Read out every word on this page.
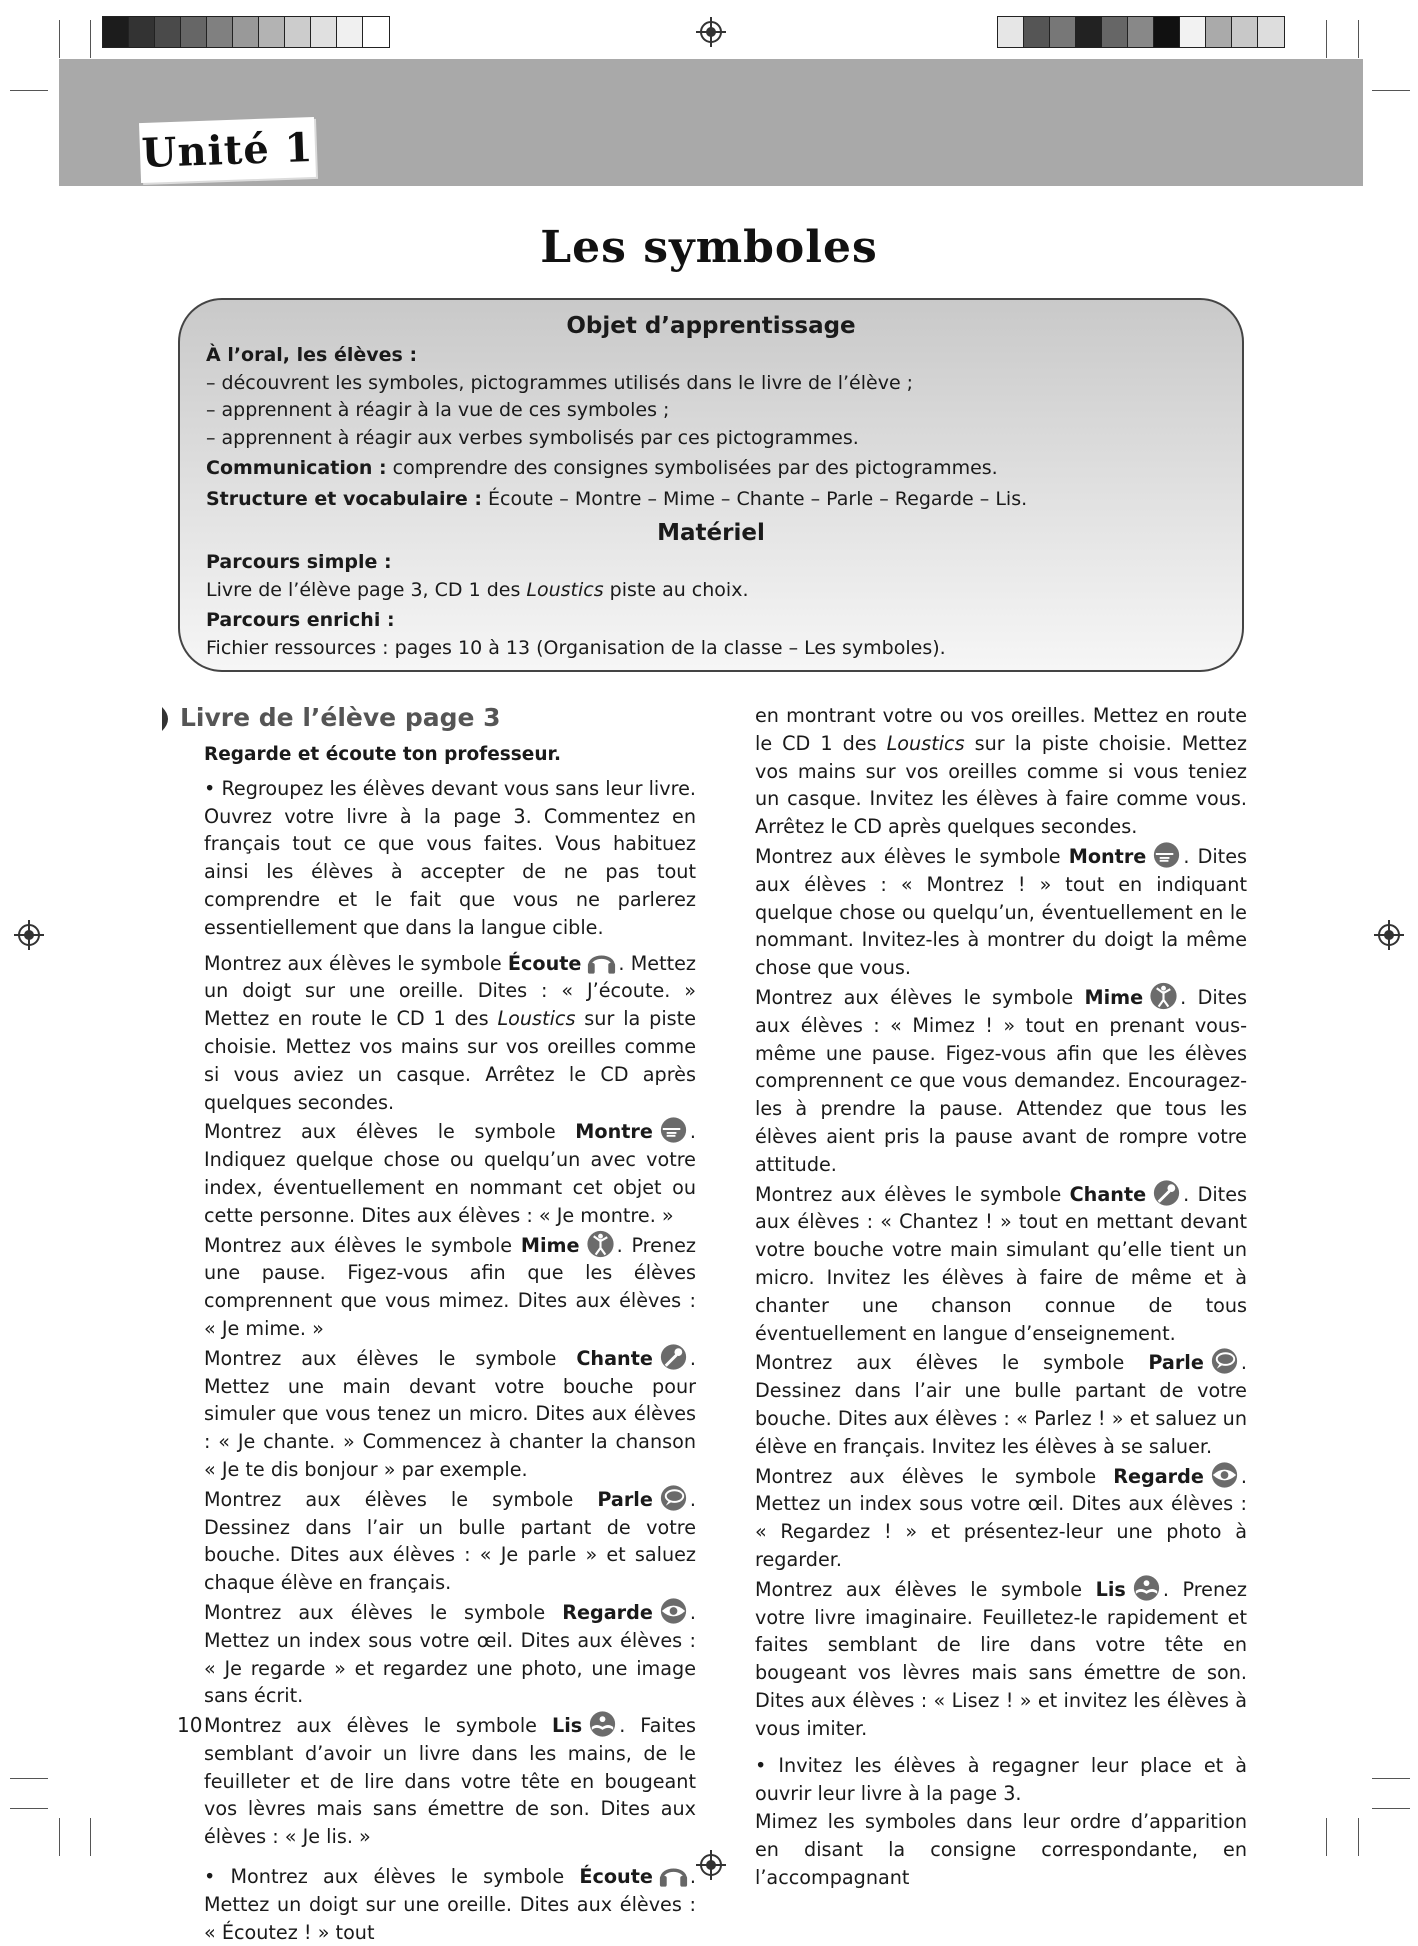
Unité 1
Les symboles
Objet d’apprentissage
À l’oral, les élèves :
– découvrent les symboles, pictogrammes utilisés dans le livre de l’élève ;
– apprennent à réagir à la vue de ces symboles ;
– apprennent à réagir aux verbes symbolisés par ces pictogrammes.
Communication : comprendre des consignes symbolisées par des pictogrammes.
Structure et vocabulaire : Écoute – Montre – Mime – Chante – Parle – Regarde – Lis.
Matériel
Parcours simple :
Livre de l’élève page 3, CD 1 des Loustics piste au choix.
Parcours enrichi :
Fichier ressources : pages 10 à 13 (Organisation de la classe – Les symboles).
Livre de l’élève page 3

Regarde et écoute ton professeur.

• Regroupez les élèves devant vous sans leur livre. Ouvrez votre livre à la page 3. Commentez en français tout ce que vous faites. Vous habituez ainsi les élèves à accepter de ne pas tout comprendre et le fait que vous ne parlerez essentiellement que dans la langue cible.

Montrez aux élèves le symbole Écoute . Mettez un doigt sur une oreille. Dites : « J’écoute. » Mettez en route le CD 1 des Loustics sur la piste choisie. Mettez vos mains sur vos oreilles comme si vous aviez un casque. Arrêtez le CD après quelques secondes.

Montrez aux élèves le symbole Montre . Indiquez quelque chose ou quelqu’un avec votre index, éventuellement en nommant cet objet ou cette personne. Dites aux élèves : « Je montre. »

Montrez aux élèves le symbole Mime . Prenez une pause. Figez-vous afin que les élèves comprennent que vous mimez. Dites aux élèves : « Je mime. »

Montrez aux élèves le symbole Chante . Mettez une main devant votre bouche pour simuler que vous tenez un micro. Dites aux élèves : « Je chante. » Commencez à chanter la chanson « Je te dis bonjour » par exemple.

Montrez aux élèves le symbole Parle . Dessinez dans l’air un bulle partant de votre bouche. Dites aux élèves : « Je parle » et saluez chaque élève en français.

Montrez aux élèves le symbole Regarde . Mettez un index sous votre œil. Dites aux élèves : « Je regarde » et regardez une photo, une image sans écrit.

Montrez aux élèves le symbole Lis . Faites semblant d’avoir un livre dans les mains, de le feuilleter et de lire dans votre tête en bougeant vos lèvres mais sans émettre de son. Dites aux élèves : « Je lis. »

• Montrez aux élèves le symbole Écoute . Mettez un doigt sur une oreille. Dites aux élèves : « Écoutez ! » tout

en montrant votre ou vos oreilles. Mettez en route le CD 1 des Loustics sur la piste choisie. Mettez vos mains sur vos oreilles comme si vous teniez un casque. Invitez les élèves à faire comme vous. Arrêtez le CD après quelques secondes.

Montrez aux élèves le symbole Montre . Dites aux élèves : « Montrez ! » tout en indiquant quelque chose ou quelqu’un, éventuellement en le nommant. Invitez-les à montrer du doigt la même chose que vous.

Montrez aux élèves le symbole Mime . Dites aux élèves : « Mimez ! » tout en prenant vous-même une pause. Figez-vous afin que les élèves comprennent ce que vous demandez. Encouragez-les à prendre la pause. Attendez que tous les élèves aient pris la pause avant de rompre votre attitude.

Montrez aux élèves le symbole Chante . Dites aux élèves : « Chantez ! » tout en mettant devant votre bouche votre main simulant qu’elle tient un micro. Invitez les élèves à faire de même et à chanter une chanson connue de tous éventuellement en langue d’enseignement.

Montrez aux élèves le symbole Parle . Dessinez dans l’air une bulle partant de votre bouche. Dites aux élèves : « Parlez ! » et saluez un élève en français. Invitez les élèves à se saluer.

Montrez aux élèves le symbole Regarde . Mettez un index sous votre œil. Dites aux élèves : « Regardez ! » et présentez-leur une photo à regarder.

Montrez aux élèves le symbole Lis . Prenez votre livre imaginaire. Feuilletez-le rapidement et faites semblant de lire dans votre tête en bougeant vos lèvres mais sans émettre de son. Dites aux élèves : « Lisez ! » et invitez les élèves à vous imiter.

• Invitez les élèves à regagner leur place et à ouvrir leur livre à la page 3.

Mimez les symboles dans leur ordre d’apparition en disant la consigne correspondante, en l’accompagnant

10
